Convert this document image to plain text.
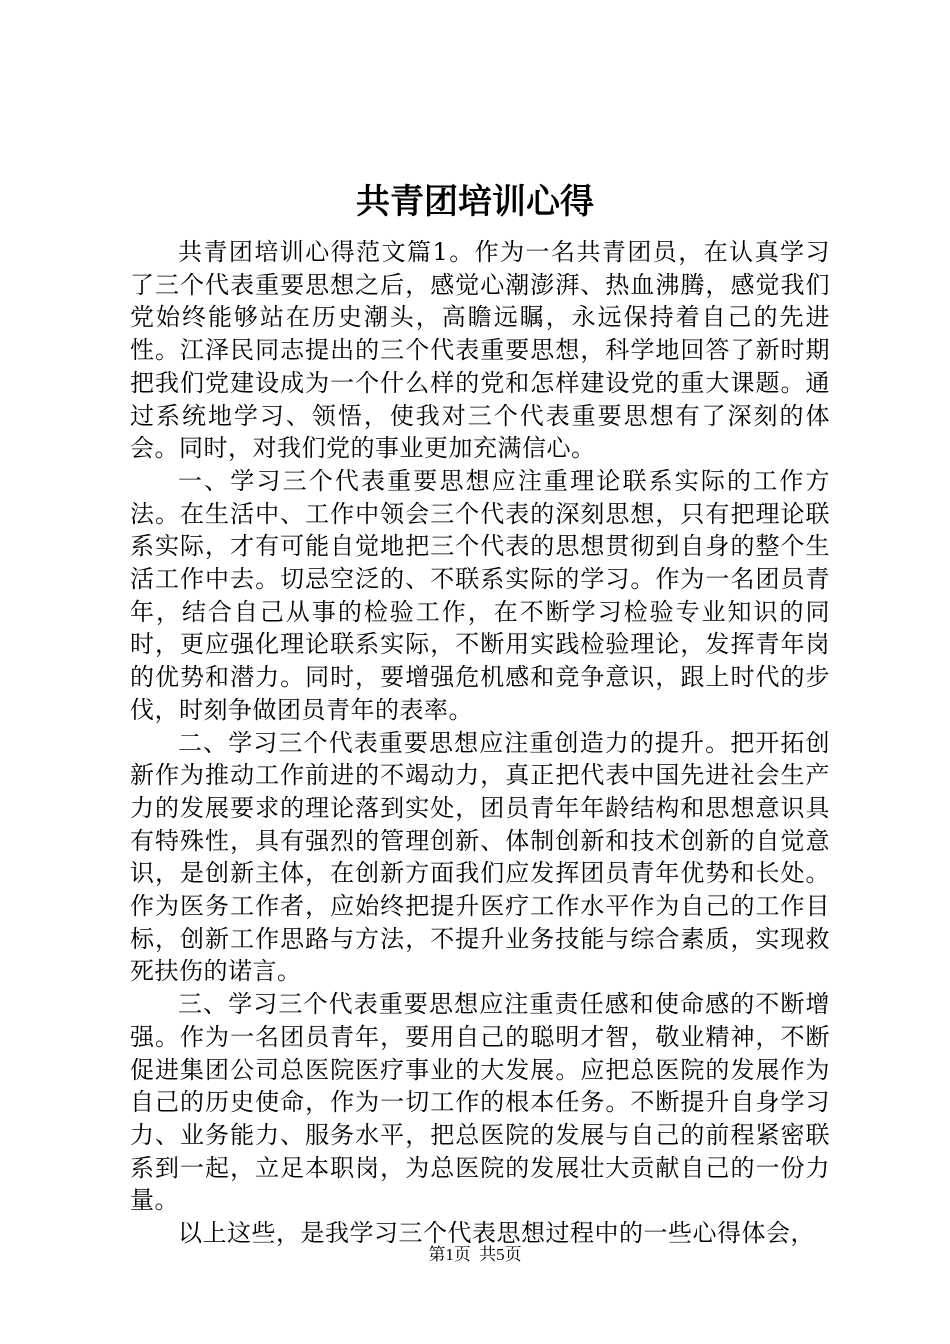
共青团培训心得

共青团培训心得范文篇1。作为一名共青团员，在认真学习了三个代表重要思想之后，感觉心潮澎湃、热血沸腾，感觉我们党始终能够站在历史潮头，高瞻远瞩，永远保持着自己的先进性。江泽民同志提出的三个代表重要思想，科学地回答了新时期把我们党建设成为一个什么样的党和怎样建设党的重大课题。通过系统地学习、领悟，使我对三个代表重要思想有了深刻的体会。同时，对我们党的事业更加充满信心。

一、学习三个代表重要思想应注重理论联系实际的工作方法。在生活中、工作中领会三个代表的深刻思想，只有把理论联系实际，才有可能自觉地把三个代表的思想贯彻到自身的整个生活工作中去。切忌空泛的、不联系实际的学习。作为一名团员青年，结合自己从事的检验工作，在不断学习检验专业知识的同时，更应强化理论联系实际，不断用实践检验理论，发挥青年岗的优势和潜力。同时，要增强危机感和竞争意识，跟上时代的步伐，时刻争做团员青年的表率。

二、学习三个代表重要思想应注重创造力的提升。把开拓创新作为推动工作前进的不竭动力，真正把代表中国先进社会生产力的发展要求的理论落到实处，团员青年年龄结构和思想意识具有特殊性，具有强烈的管理创新、体制创新和技术创新的自觉意识，是创新主体，在创新方面我们应发挥团员青年优势和长处。作为医务工作者，应始终把提升医疗工作水平作为自己的工作目标，创新工作思路与方法，不提升业务技能与综合素质，实现救死扶伤的诺言。

三、学习三个代表重要思想应注重责任感和使命感的不断增强。作为一名团员青年，要用自己的聪明才智，敬业精神，不断促进集团公司总医院医疗事业的大发展。应把总医院的发展作为自己的历史使命，作为一切工作的根本任务。不断提升自身学习力、业务能力、服务水平，把总医院的发展与自己的前程紧密联系到一起，立足本职岗，为总医院的发展壮大贡献自己的一份力量。

以上这些，是我学习三个代表思想过程中的一些心得体会，

第1页 共5页
